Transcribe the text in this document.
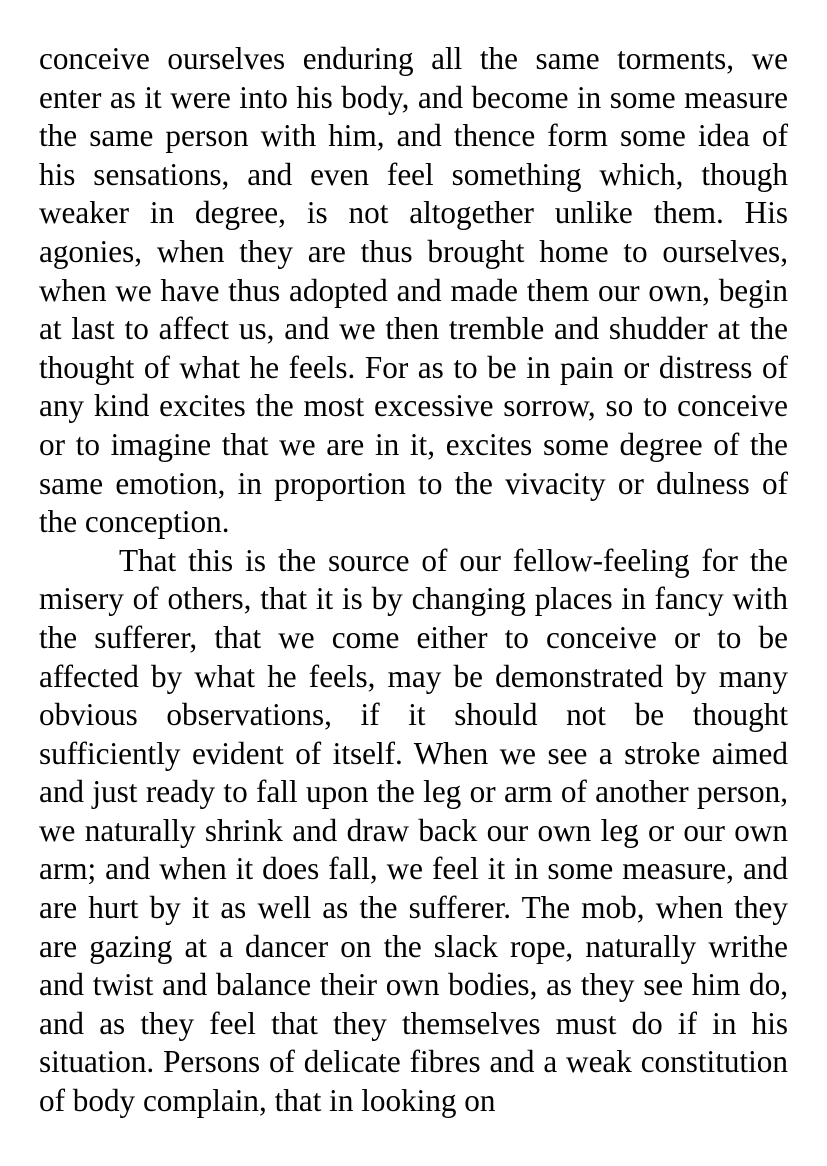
conceive ourselves enduring all the same torments, we enter as it were into his body, and become in some measure the same person with him, and thence form some idea of his sensations, and even feel something which, though weaker in degree, is not altogether unlike them. His agonies, when they are thus brought home to ourselves, when we have thus adopted and made them our own, begin at last to affect us, and we then tremble and shudder at the thought of what he feels. For as to be in pain or distress of any kind excites the most excessive sorrow, so to conceive or to imagine that we are in it, excites some degree of the same emotion, in proportion to the vivacity or dulness of the conception.

That this is the source of our fellow-feeling for the misery of others, that it is by changing places in fancy with the sufferer, that we come either to conceive or to be affected by what he feels, may be demonstrated by many obvious observations, if it should not be thought sufficiently evident of itself. When we see a stroke aimed and just ready to fall upon the leg or arm of another person, we naturally shrink and draw back our own leg or our own arm; and when it does fall, we feel it in some measure, and are hurt by it as well as the sufferer. The mob, when they are gazing at a dancer on the slack rope, naturally writhe and twist and balance their own bodies, as they see him do, and as they feel that they themselves must do if in his situation. Persons of delicate fibres and a weak constitution of body complain, that in looking on
